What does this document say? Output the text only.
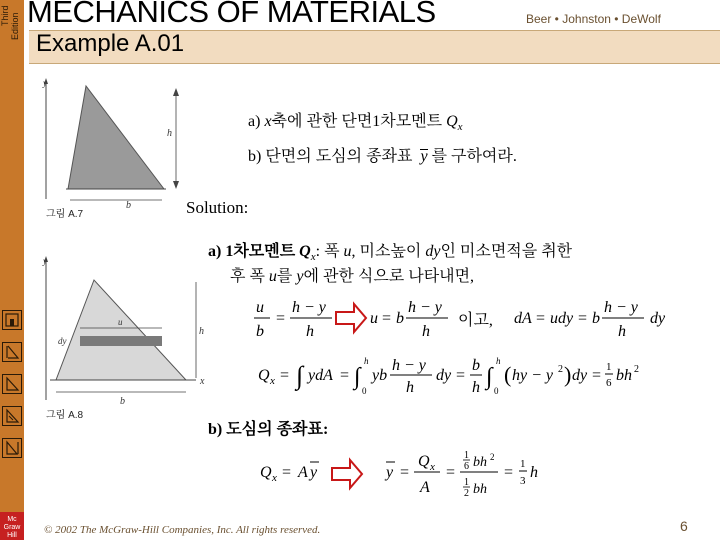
Third Edition
Mc Graw Hill
MECHANICS OF MATERIALS	Beer • Johnston • DeWolf
Example A.01
y
h
b
그림 A.7
a) x축에 관한 단면1차모멘트 $Q_x$
b) 단면의 도심의 종좌표 y 를 구하여라.
Solution:
a) 1차모멘트 $Q_x$: 폭 u, 미소높이 dy인 미소면적을 취한
후 폭 u를 y에 관한 식으로 나타내면,
y
dy
u
h
b
x
그림 A.8
u
b
=
h − y
h
u = b
h − y
h
이고, dA = udy = b
h − y
h
dy
Q x = ∫ ydA = ∫
h
0
yb
h − y
h
dy =
b
h ∫
h
0
( hy − y 2 ) dy = 1
6 bh 2
b) 도심의 종좌표:
Q x = A y	y =
Q x
A
=
1
6 bh 2
1
2 bh
= 1
3 h
© 2002 The McGraw-Hill Companies, Inc. All rights reserved.	6
